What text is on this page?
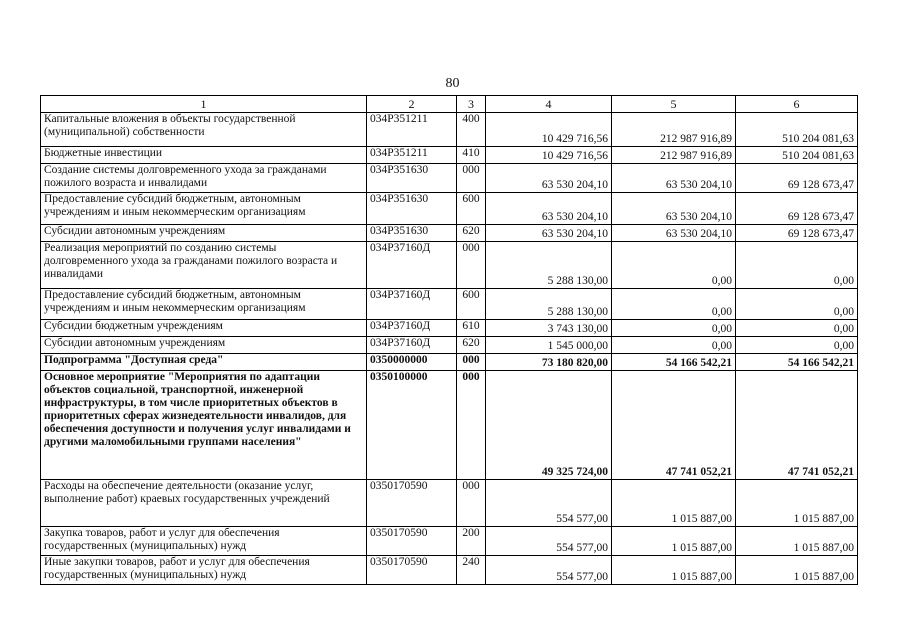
80
1	2	3	4	5	6
Капитальные вложения в объекты государственной (муниципальной) собственности	034Р351211	400	10 429 716,56	212 987 916,89	510 204 081,63
Бюджетные инвестиции	034Р351211	410	10 429 716,56	212 987 916,89	510 204 081,63
Создание системы долговременного ухода за гражданами пожилого возраста и инвалидами	034Р351630	000	63 530 204,10	63 530 204,10	69 128 673,47
Предоставление субсидий бюджетным, автономным учреждениям и иным некоммерческим организациям	034Р351630	600	63 530 204,10	63 530 204,10	69 128 673,47
Субсидии автономным учреждениям	034Р351630	620	63 530 204,10	63 530 204,10	69 128 673,47
Реализация мероприятий по созданию системы долговременного ухода за гражданами пожилого возраста и инвалидами	034Р37160Д	000	5 288 130,00	0,00	0,00
Предоставление субсидий бюджетным, автономным учреждениям и иным некоммерческим организациям	034Р37160Д	600	5 288 130,00	0,00	0,00
Субсидии бюджетным учреждениям	034Р37160Д	610	3 743 130,00	0,00	0,00
Субсидии автономным учреждениям	034Р37160Д	620	1 545 000,00	0,00	0,00
Подпрограмма "Доступная среда"	0350000000	000	73 180 820,00	54 166 542,21	54 166 542,21
Основное мероприятие "Мероприятия по адаптации объектов социальной, транспортной, инженерной инфраструктуры, в том числе приоритетных объектов в приоритетных сферах жизнедеятельности инвалидов, для обеспечения доступности и получения услуг инвалидами и другими маломобильными группами населения"	0350100000	000	49 325 724,00	47 741 052,21	47 741 052,21
Расходы на обеспечение деятельности (оказание услуг, выполнение работ) краевых государственных учреждений	0350170590	000	554 577,00	1 015 887,00	1 015 887,00
Закупка товаров, работ и услуг для обеспечения государственных (муниципальных) нужд	0350170590	200	554 577,00	1 015 887,00	1 015 887,00
Иные закупки товаров, работ и услуг для обеспечения государственных (муниципальных) нужд	0350170590	240	554 577,00	1 015 887,00	1 015 887,00
